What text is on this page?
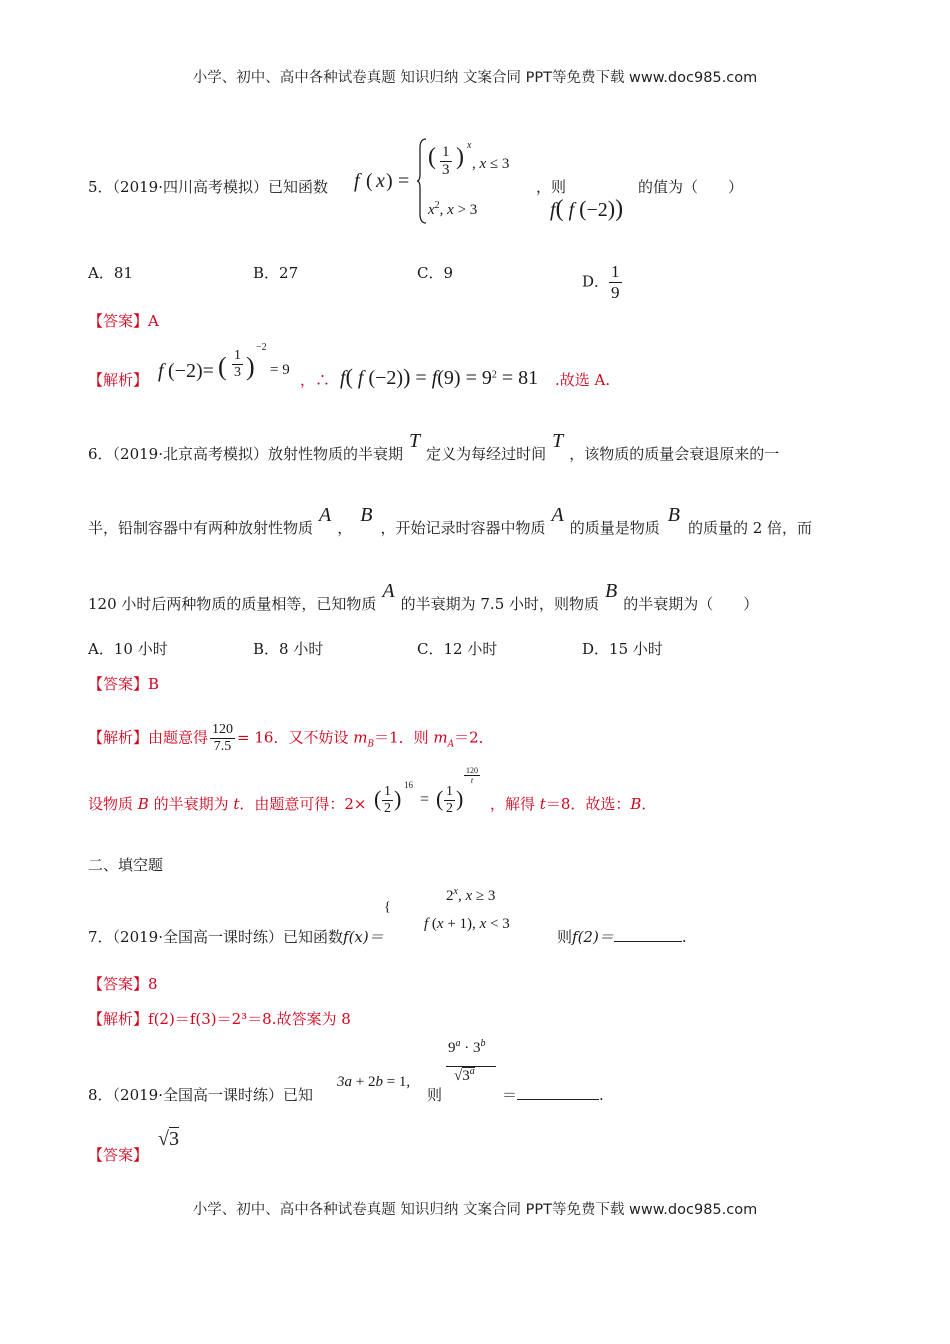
小学、初中、高中各种试卷真题 知识归纳 文案合同 PPT等免费下载 www.doc985.com
5．（2019·四川高考模拟）已知函数 f ( x ) =
( $\frac{1}{3}$ ) x
, x ≤ 3
$x^2$, x > 3
，则
f( f (−2))
的值为（　　）
A．81	B．27	C．9	D． $\frac{1}{9}$
【答案】A
【解析】 f (−2)= ( $\frac{1}{3}$ )
−2
= 9
，∴ f( f $(-2)) = f(9) = 9^2 = 81$ .故选 A.
6．（2019·北京高考模拟）放射性物质的半衰期T定义为每经过时间T，该物质的质量会衰退原来的一
半，铅制容器中有两种放射性物质A，B，开始记录时容器中物质A的质量是物质B的质量的 2 倍，而
120 小时后两种物质的质量相等，已知物质A的半衰期为 7.5 小时，则物质B的半衰期为（　　）
A．10 小时	B．8 小时	C．12 小时	D．15 小时
【答案】B
【解析】由题意得 $\frac{120}{7.5} = 16$．又不妨设 $m_B=1$．则 $m_A=2$．
设物质 B 的半衰期为 t．由题意可得：2× ( $\frac{1}{2}$ )
16
= ( $\frac{1}{2}$ )
$\frac{120}{t}$
，解得 t＝8．故选：B．
二、填空题
7．（2019·全国高一课时练）已知函数f(x)＝
{
2$^x$, x ≥ 3
f (x + 1), x < 3
则f(2)＝	.
【答案】8
【解析】f(2)＝f(3)＝2³＝8.故答案为 8
8．（2019·全国高一课时练）已知
3a + 2b = 1,
则
$9^a \cdot 3^b$
$√3^a$
＝	.
【答案】
√3
小学、初中、高中各种试卷真题 知识归纳 文案合同 PPT等免费下载 www.doc985.com
